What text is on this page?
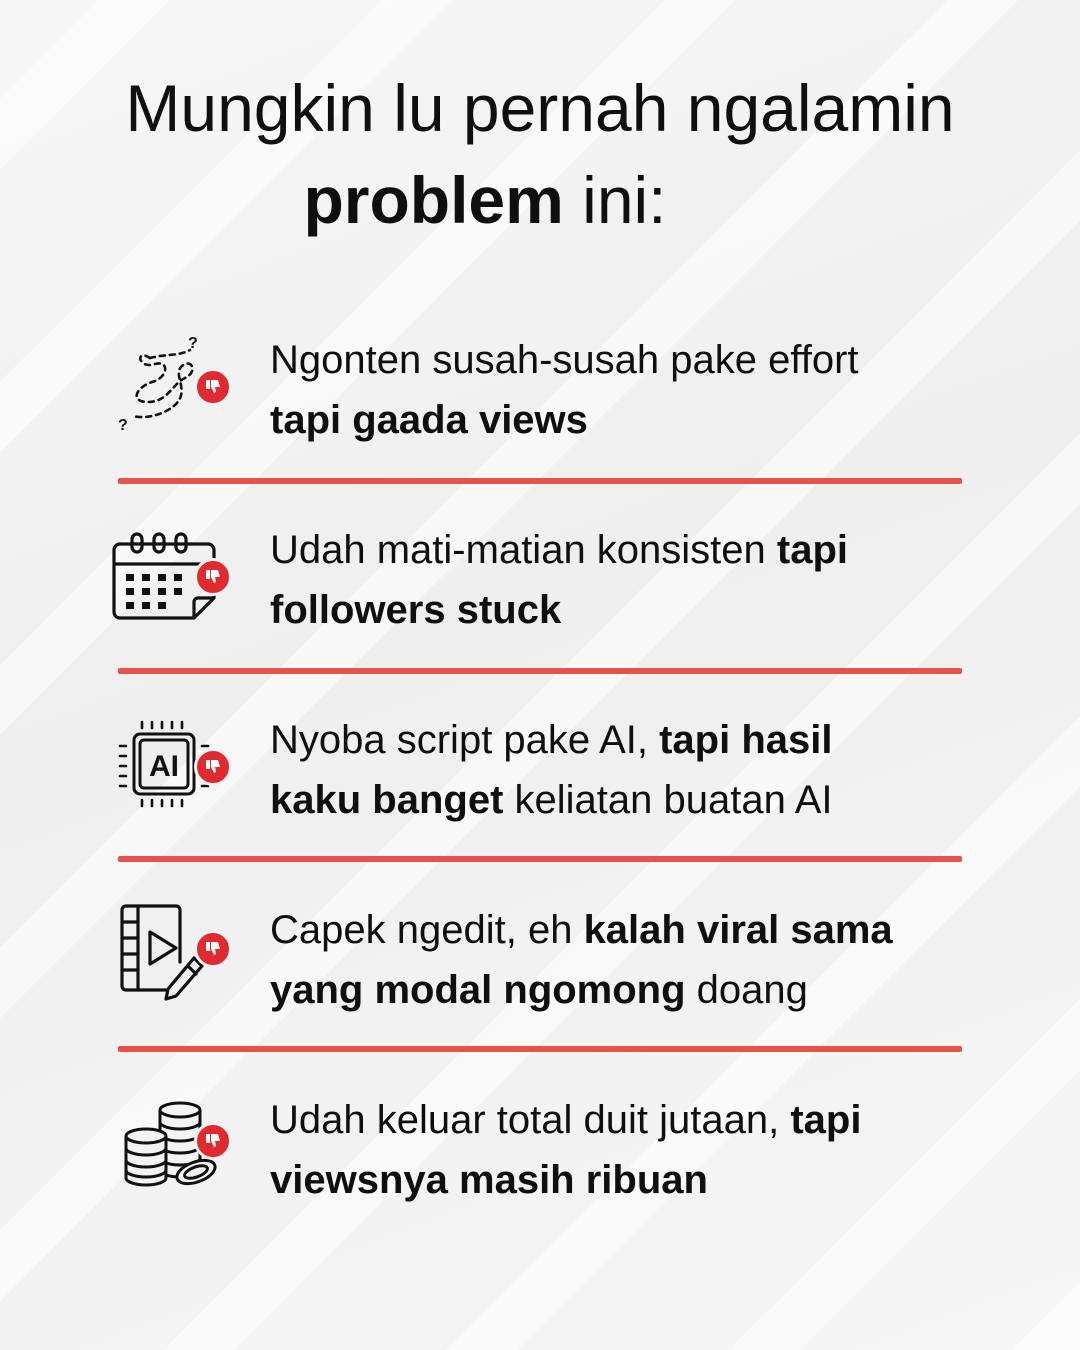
Mungkin lu pernah ngalamin
problem ini:
?
?
Ngonten susah-susah pake effort
tapi gaada views
Udah mati-matian konsisten tapi
followers stuck
AI
Nyoba script pake AI, tapi hasil
kaku banget keliatan buatan AI
Capek ngedit, eh kalah viral sama
yang modal ngomong doang
Udah keluar total duit jutaan, tapi
viewsnya masih ribuan
